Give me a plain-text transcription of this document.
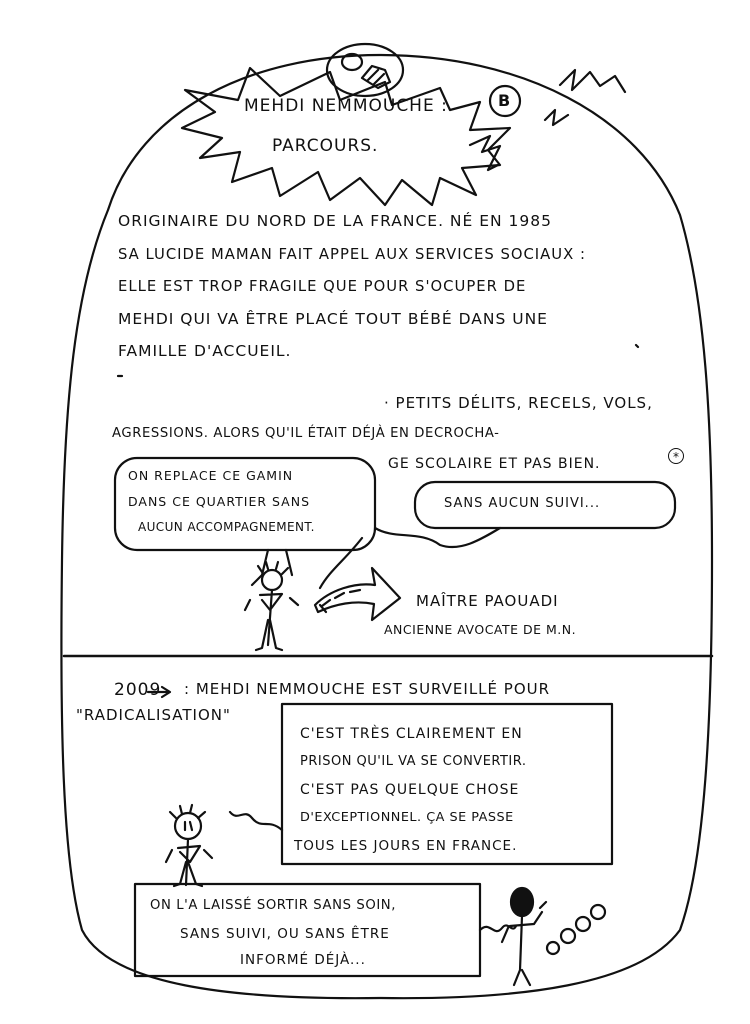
MEHDI NEMMOUCHE :
PARCOURS.
B
ORIGINAIRE DU NORD DE LA FRANCE. NÉ EN 1985
SA LUCIDE MAMAN FAIT APPEL AUX SERVICES SOCIAUX :
ELLE EST TROP FRAGILE QUE POUR S'OCUPER DE
MEHDI QUI VA ÊTRE PLACÉ TOUT BÉBÉ DANS UNE
FAMILLE D'ACCUEIL.
· PETITS DÉLITS, RECELS, VOLS,
AGRESSIONS. ALORS QU'IL ÉTAIT DÉJÀ EN DECROCHA-
GE SCOLAIRE ET PAS BIEN.	*
ON REPLACE CE GAMIN
DANS CE QUARTIER SANS
AUCUN ACCOMPAGNEMENT.
SANS AUCUN SUIVI...
MAÎTRE PAOUADI
ANCIENNE AVOCATE DE M.N.
2009 : MEHDI NEMMOUCHE EST SURVEILLÉ POUR
"RADICALISATION"
C'EST TRÈS CLAIREMENT EN
PRISON QU'IL VA SE CONVERTIR.
C'EST PAS QUELQUE CHOSE
D'EXCEPTIONNEL. ÇA SE PASSE
TOUS LES JOURS EN FRANCE.
ON L'A LAISSÉ SORTIR SANS SOIN,
SANS SUIVI, OU SANS ÊTRE
INFORMÉ DÉJÀ...
